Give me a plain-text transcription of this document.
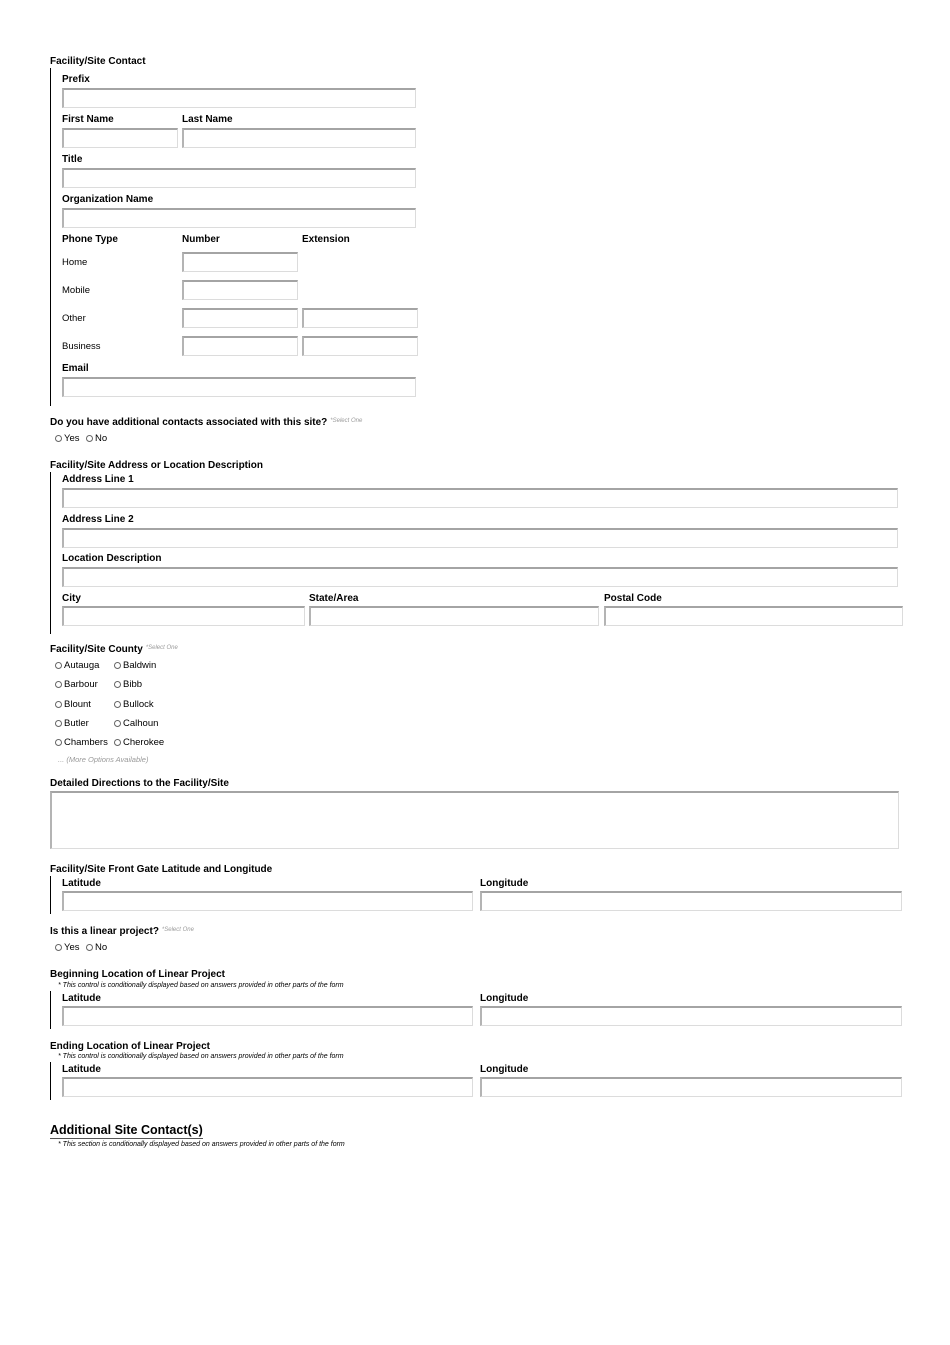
Facility/Site Contact
Prefix
First Name	Last Name
Title
Organization Name
Phone Type	Number	Extension
Home
Mobile
Other
Business
Email
Do you have additional contacts associated with this site? $^{*Select One}$
Yes No
Facility/Site Address or Location Description
Address Line 1
Address Line 2
Location Description
City	State/Area	Postal Code
Facility/Site County $^{*Select One}$
Autauga Baldwin
Barbour	Bibb
Blount	Bullock
Butler	Calhoun
Chambers Cherokee
... (More Options Available)
Detailed Directions to the Facility/Site
Facility/Site Front Gate Latitude and Longitude
Latitude	Longitude
Is this a linear project? $^{*Select One}$
Yes No
Beginning Location of Linear Project
* This control is conditionally displayed based on answers provided in other parts of the form
Latitude	Longitude
Ending Location of Linear Project
* This control is conditionally displayed based on answers provided in other parts of the form
Latitude	Longitude
Additional Site Contact(s)
* This section is conditionally displayed based on answers provided in other parts of the form
